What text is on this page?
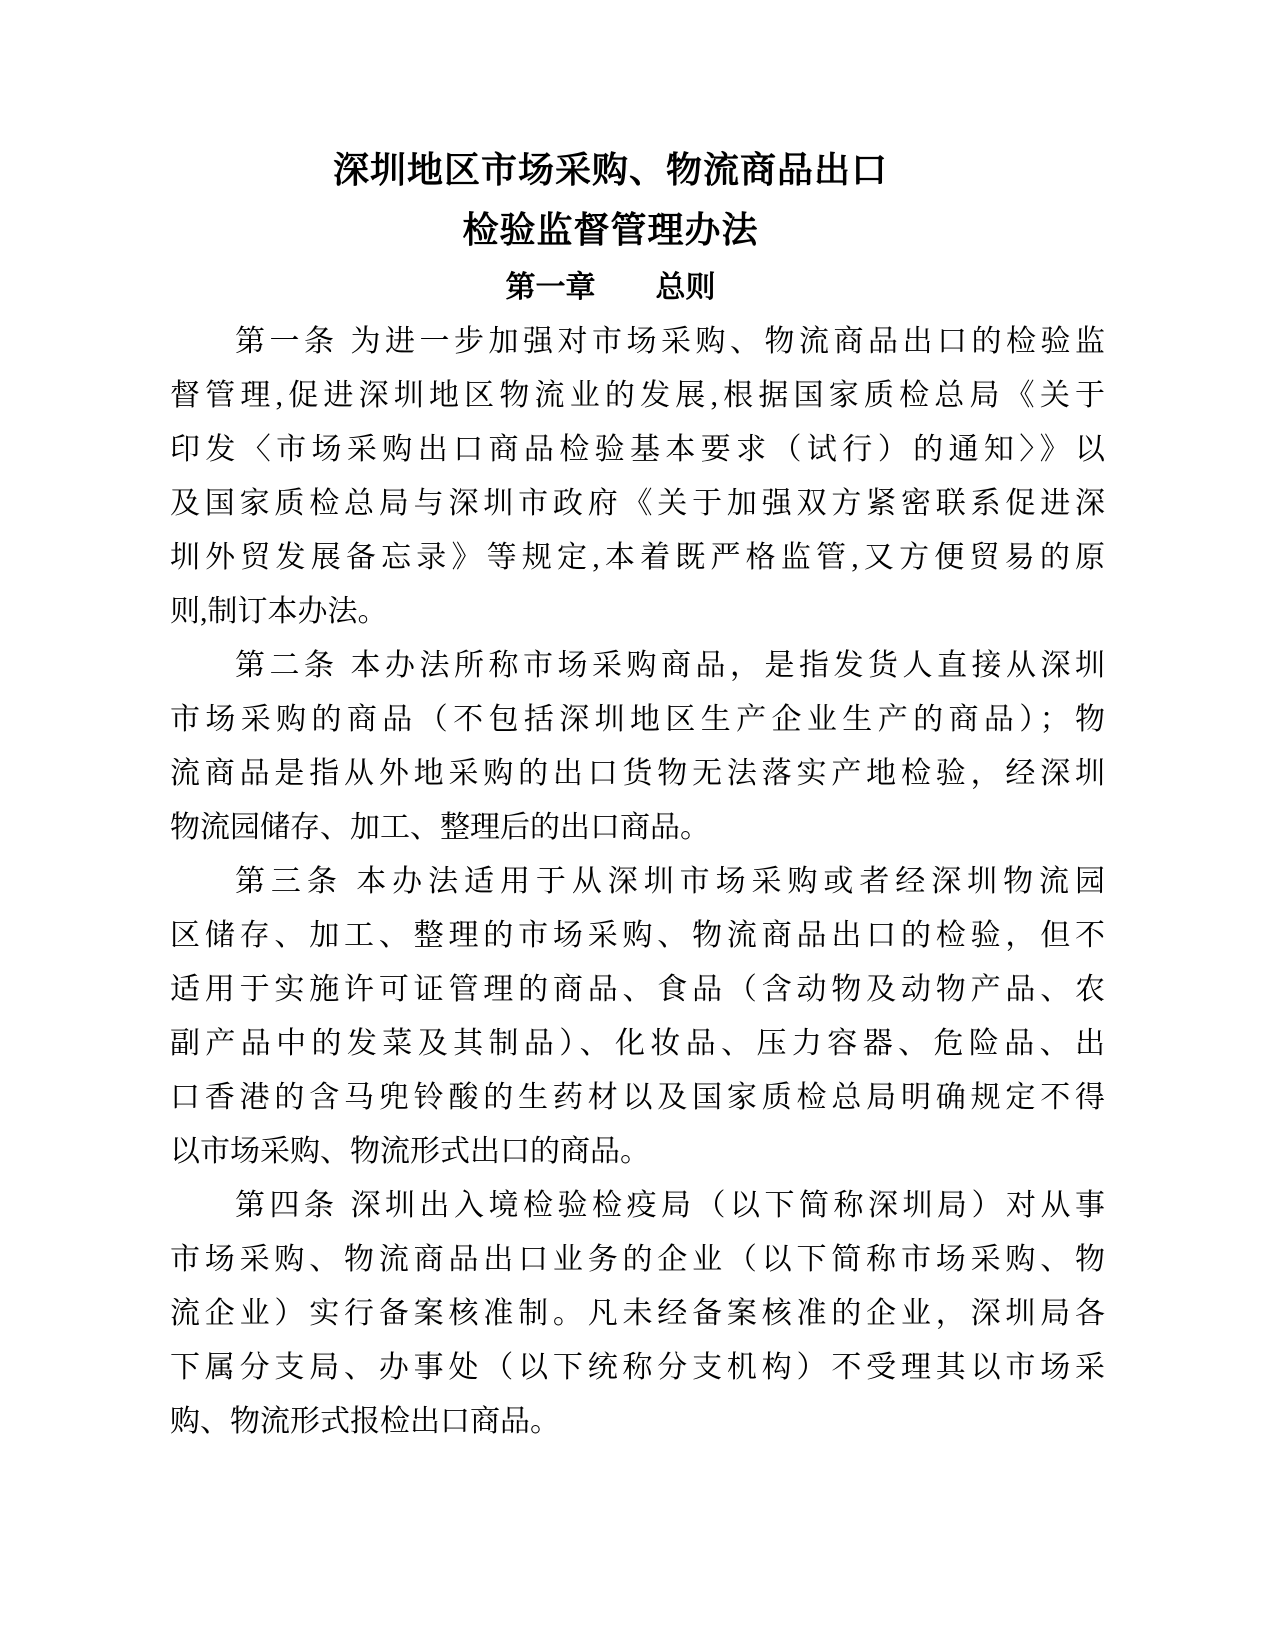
深圳地区市场采购、物流商品出口
检验监督管理办法
第一章　　总则
第一条 为进一步加强对市场采购、物流商品出口的检验监
督管理,促进深圳地区物流业的发展,根据国家质检总局《关于
印发〈市场采购出口商品检验基本要求（试行）的通知〉》以
及国家质检总局与深圳市政府《关于加强双方紧密联系促进深
圳外贸发展备忘录》等规定,本着既严格监管,又方便贸易的原
则,制订本办法。
第二条 本办法所称市场采购商品，是指发货人直接从深圳
市场采购的商品（不包括深圳地区生产企业生产的商品）；物
流商品是指从外地采购的出口货物无法落实产地检验，经深圳
物流园储存、加工、整理后的出口商品。
第三条 本办法适用于从深圳市场采购或者经深圳物流园
区储存、加工、整理的市场采购、物流商品出口的检验，但不
适用于实施许可证管理的商品、食品（含动物及动物产品、农
副产品中的发菜及其制品）、化妆品、压力容器、危险品、出
口香港的含马兜铃酸的生药材以及国家质检总局明确规定不得
以市场采购、物流形式出口的商品。
第四条 深圳出入境检验检疫局（以下简称深圳局）对从事
市场采购、物流商品出口业务的企业（以下简称市场采购、物
流企业）实行备案核准制。凡未经备案核准的企业，深圳局各
下属分支局、办事处（以下统称分支机构）不受理其以市场采
购、物流形式报检出口商品。
